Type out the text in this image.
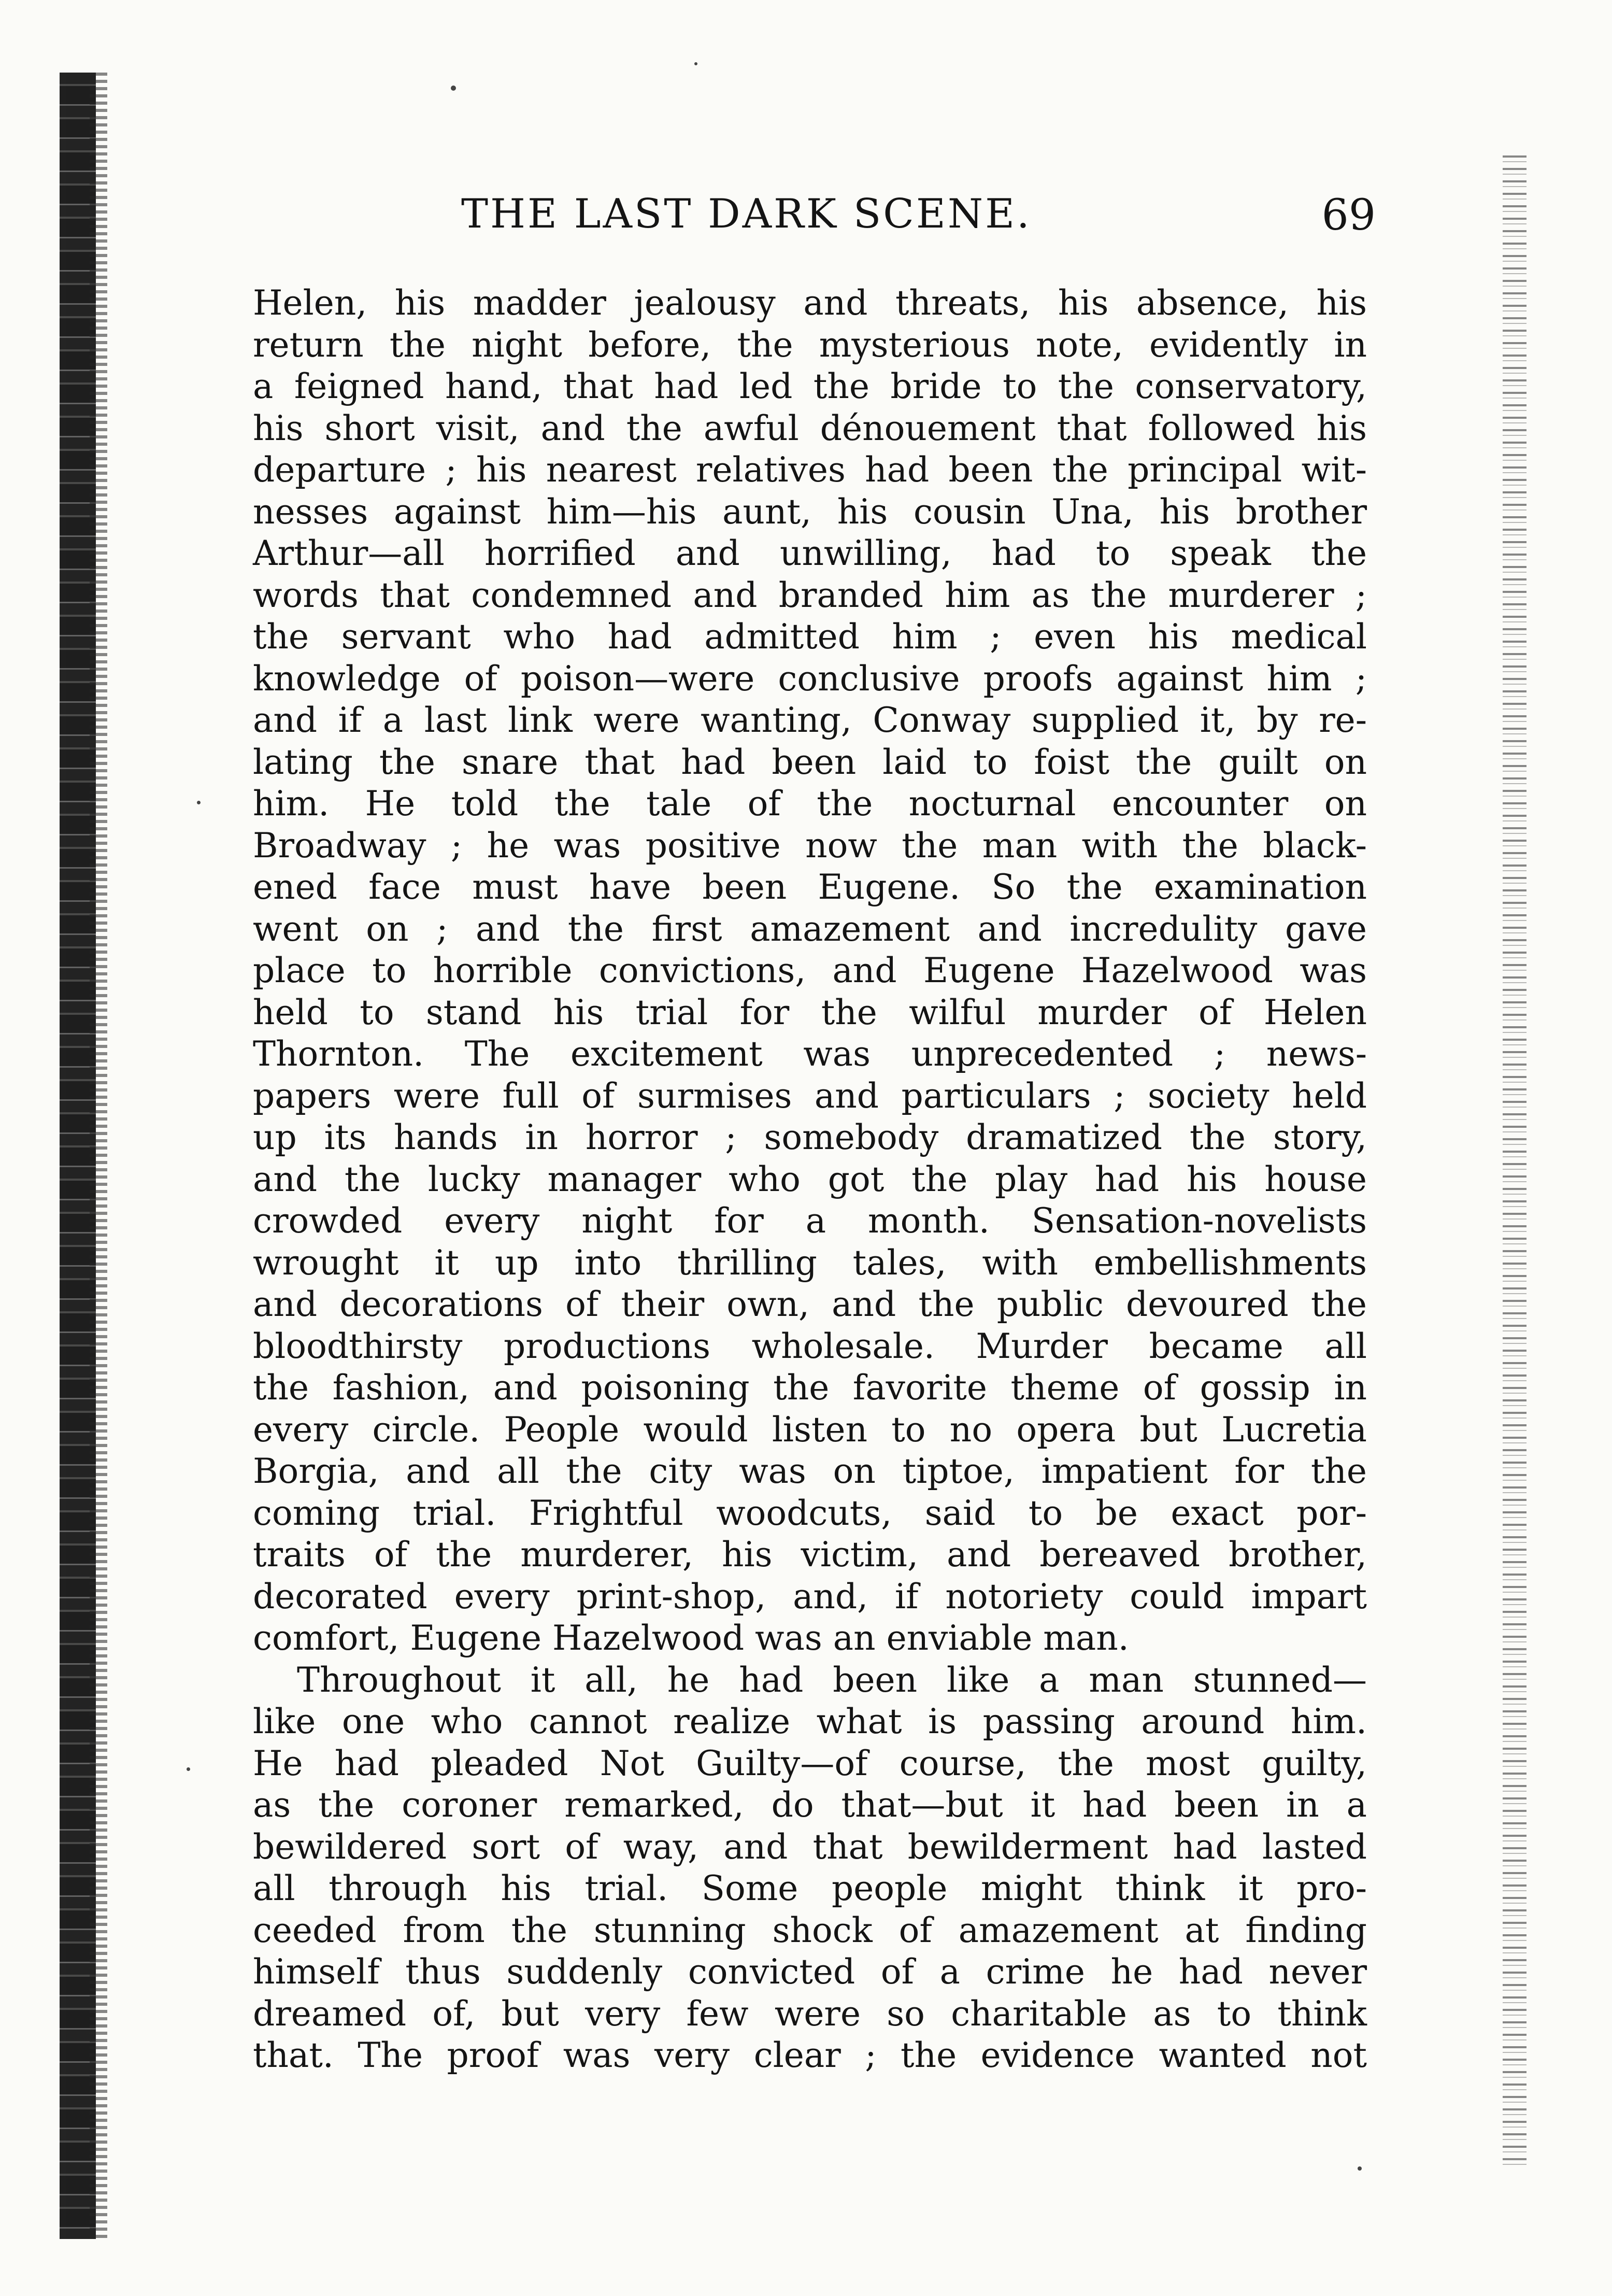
THE LAST DARK SCENE.	69
Helen, his madder jealousy and threats, his absence, his
return the night before, the mysterious note, evidently in
a feigned hand, that had led the bride to the conservatory,
his short visit, and the awful dénouement that followed his
departure ; his nearest relatives had been the principal wit-
nesses against him—his aunt, his cousin Una, his brother
Arthur—all horrified and unwilling, had to speak the
words that condemned and branded him as the murderer ;
the servant who had admitted him ; even his medical
knowledge of poison—were conclusive proofs against him ;
and if a last link were wanting, Conway supplied it, by re-
lating the snare that had been laid to foist the guilt on
him. He told the tale of the nocturnal encounter on
Broadway ; he was positive now the man with the black-
ened face must have been Eugene. So the examination
went on ; and the first amazement and incredulity gave
place to horrible convictions, and Eugene Hazelwood was
held to stand his trial for the wilful murder of Helen
Thornton. The excitement was unprecedented ; news-
papers were full of surmises and particulars ; society held
up its hands in horror ; somebody dramatized the story,
and the lucky manager who got the play had his house
crowded every night for a month. Sensation-novelists
wrought it up into thrilling tales, with embellishments
and decorations of their own, and the public devoured the
bloodthirsty productions wholesale. Murder became all
the fashion, and poisoning the favorite theme of gossip in
every circle. People would listen to no opera but Lucretia
Borgia, and all the city was on tiptoe, impatient for the
coming trial. Frightful woodcuts, said to be exact por-
traits of the murderer, his victim, and bereaved brother,
decorated every print-shop, and, if notoriety could impart
comfort, Eugene Hazelwood was an enviable man.
Throughout it all, he had been like a man stunned—
like one who cannot realize what is passing around him.
He had pleaded Not Guilty—of course, the most guilty,
as the coroner remarked, do that—but it had been in a
bewildered sort of way, and that bewilderment had lasted
all through his trial. Some people might think it pro-
ceeded from the stunning shock of amazement at finding
himself thus suddenly convicted of a crime he had never
dreamed of, but very few were so charitable as to think
that. The proof was very clear ; the evidence wanted not
